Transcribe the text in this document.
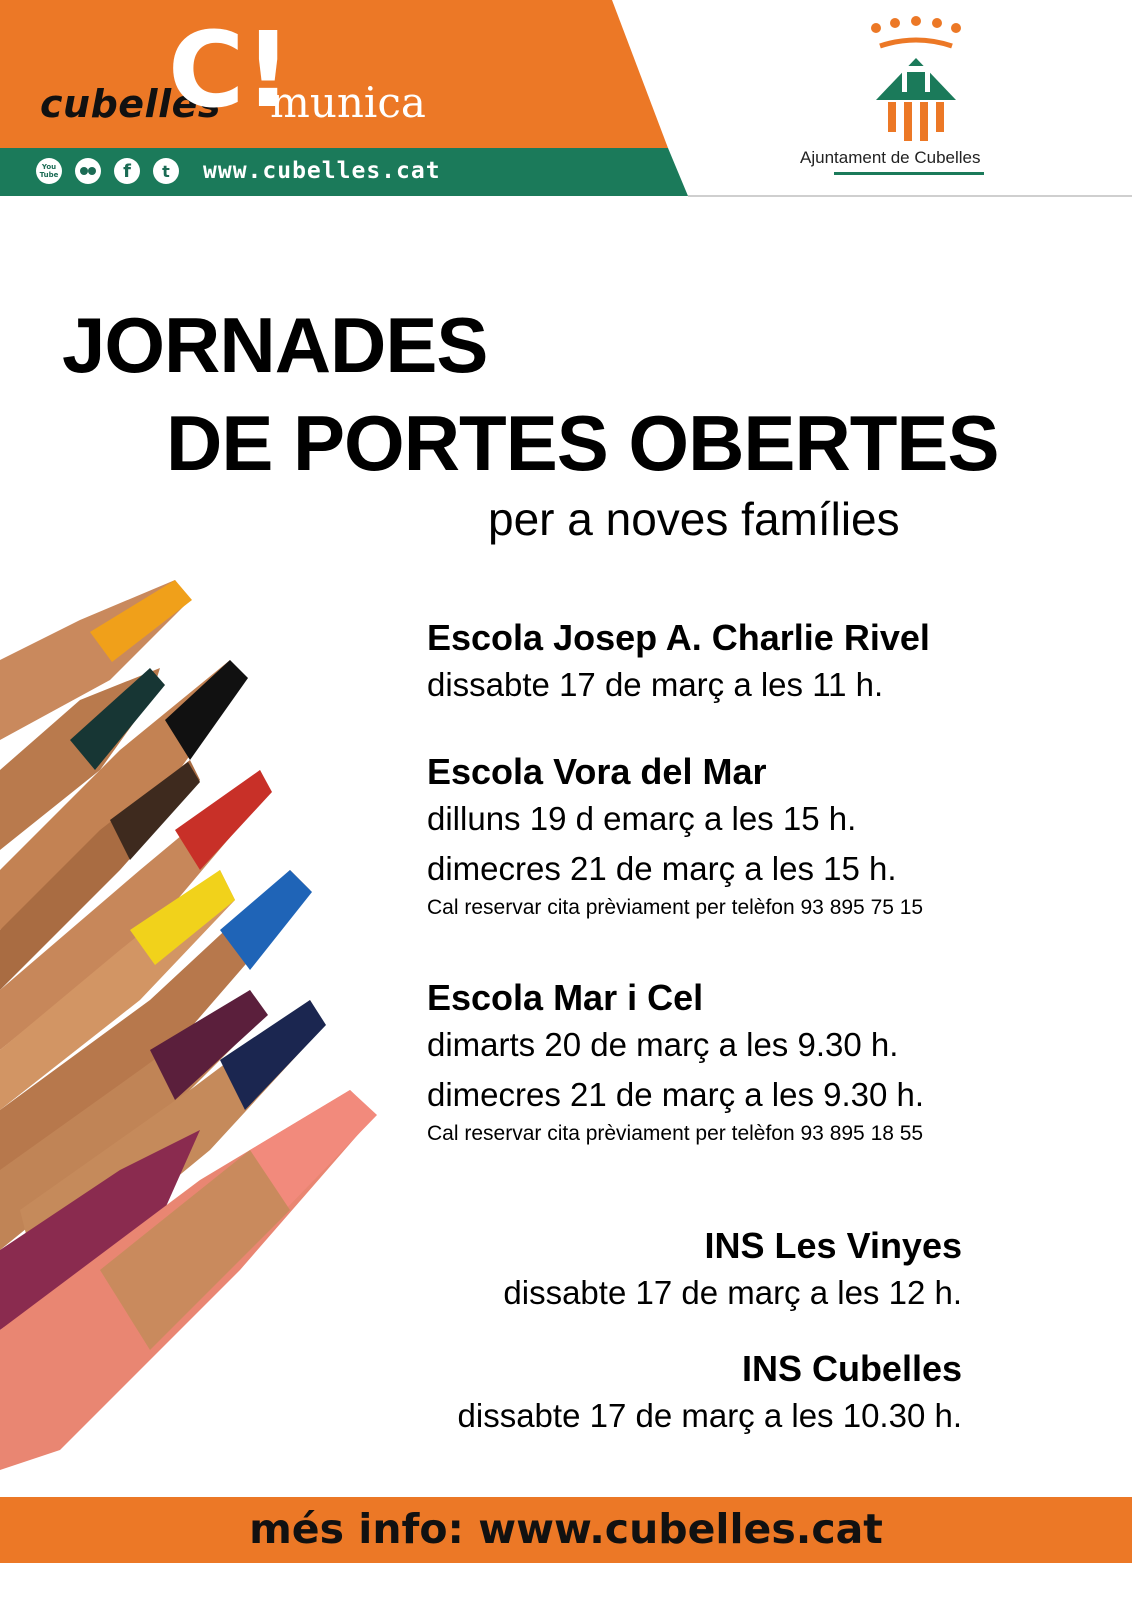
cubelles
C!
munica
You Tube	f	t	www.cubelles.cat
Ajuntament de Cubelles
JORNADES
DE PORTES OBERTES
per a noves famílies
Escola Josep A. Charlie Rivel
dissabte 17 de març a les 11 h.
Escola Vora del Mar
dilluns 19 d emarç a les 15 h.
dimecres 21 de març a les 15 h.
Cal reservar cita prèviament per telèfon 93 895 75 15
Escola Mar i Cel
dimarts 20 de març a les 9.30 h.
dimecres 21 de març a les 9.30 h.
Cal reservar cita prèviament per telèfon 93 895 18 55
INS Les Vinyes
dissabte 17 de març a les 12 h.
INS Cubelles
dissabte 17 de març a les 10.30 h.
més info: www.cubelles.cat
